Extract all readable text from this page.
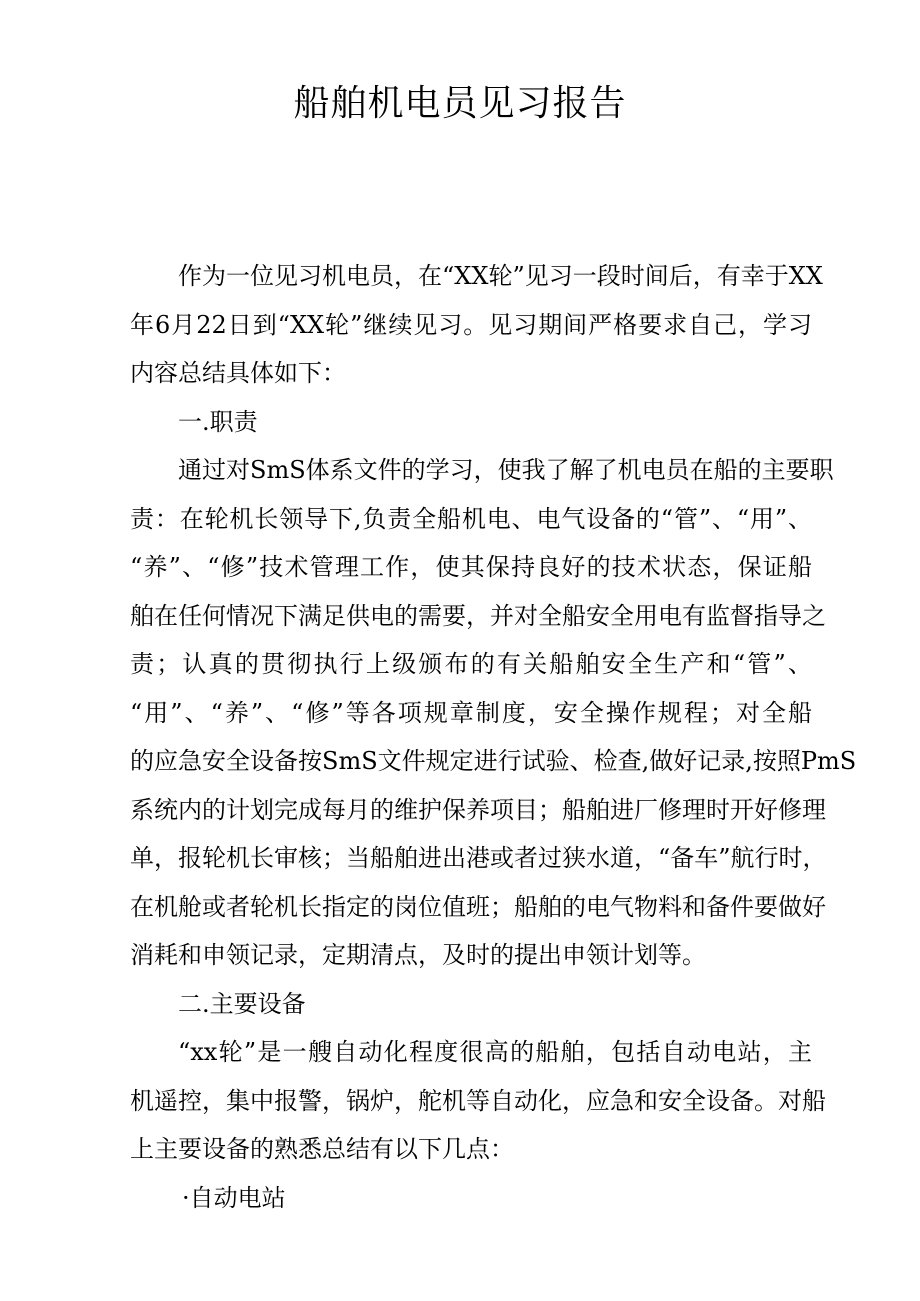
船舶机电员见习报告
作为一位见习机电员，在“XX轮”见习一段时间后，有幸于XX
年6月22日到“XX轮”继续见习。见习期间严格要求自己，学习
内容总结具体如下：
一.职责
通过对SmS体系文件的学习，使我了解了机电员在船的主要职
责：在轮机长领导下,负责全船机电、电气设备的“管”、“用”、
“养”、“修”技术管理工作，使其保持良好的技术状态，保证船
舶在任何情况下满足供电的需要，并对全船安全用电有监督指导之
责；认真的贯彻执行上级颁布的有关船舶安全生产和“管”、
“用”、“养”、“修”等各项规章制度，安全操作规程；对全船
的应急安全设备按SmS文件规定进行试验、检查,做好记录,按照PmS
系统内的计划完成每月的维护保养项目；船舶进厂修理时开好修理
单，报轮机长审核；当船舶进出港或者过狭水道，“备车”航行时，
在机舱或者轮机长指定的岗位值班；船舶的电气物料和备件要做好
消耗和申领记录，定期清点，及时的提出申领计划等。
二.主要设备
“xx轮”是一艘自动化程度很高的船舶，包括自动电站，主
机遥控，集中报警，锅炉，舵机等自动化，应急和安全设备。对船
上主要设备的熟悉总结有以下几点：
·自动电站
